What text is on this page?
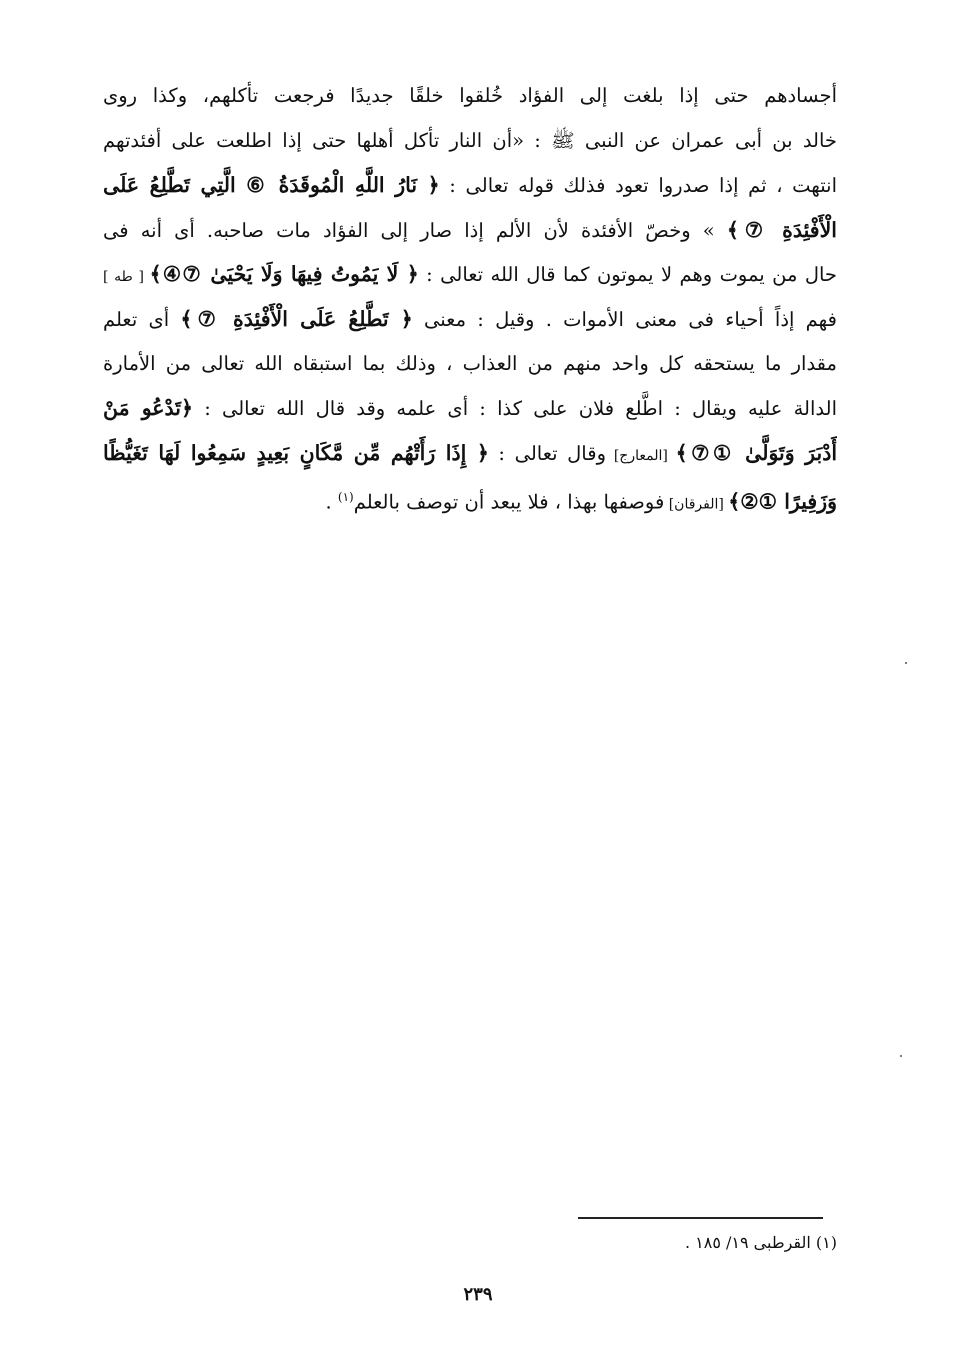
أجسادهم حتى إذا بلغت إلى الفؤاد خُلقوا خلقًا جديدًا فرجعت تأكلهم، وكذا روى
خالد بن أبى عمران عن النبى ﷺ : «أن النار تأكل أهلها حتى إذا اطلعت على أفئدتهم
انتهت ، ثم إذا صدروا تعود فذلك قوله تعالى : ﴿ نَارُ اللَّهِ الْمُوقَدَةُ ⑥ الَّتِي تَطَّلِعُ عَلَى
الْأَفْئِدَةِ ⑦﴾ » وخصّ الأفئدة لأن الألم إذا صار إلى الفؤاد مات صاحبه. أى أنه فى
حال من يموت وهم لا يموتون كما قال الله تعالى : ﴿ لَا يَمُوتُ فِيهَا وَلَا يَحْيَىٰ ⑦④﴾ [ طه ]
فهم إذاً أحياء فى معنى الأموات . وقيل : معنى ﴿ تَطَّلِعُ عَلَى الْأَفْئِدَةِ ⑦﴾ أى تعلم
مقدار ما يستحقه كل واحد منهم من العذاب ، وذلك بما استبقاه الله تعالى من الأمارة
الدالة عليه ويقال : اطَّلع فلان على كذا : أى علمه وقد قال الله تعالى : ﴿تَدْعُو مَنْ
أَدْبَرَ وَتَوَلَّىٰ ①⑦﴾ [المعارج] وقال تعالى : ﴿ إِذَا رَأَتْهُم مِّن مَّكَانٍ بَعِيدٍ سَمِعُوا لَهَا تَغَيُّظًا
وَزَفِيرًا ①②﴾ [الفرقان] فوصفها بهذا ، فلا يبعد أن توصف بالعلم$^{(١)}$ .
(١) القرطبى ١٩/ ١٨٥ .
٢٣٩
